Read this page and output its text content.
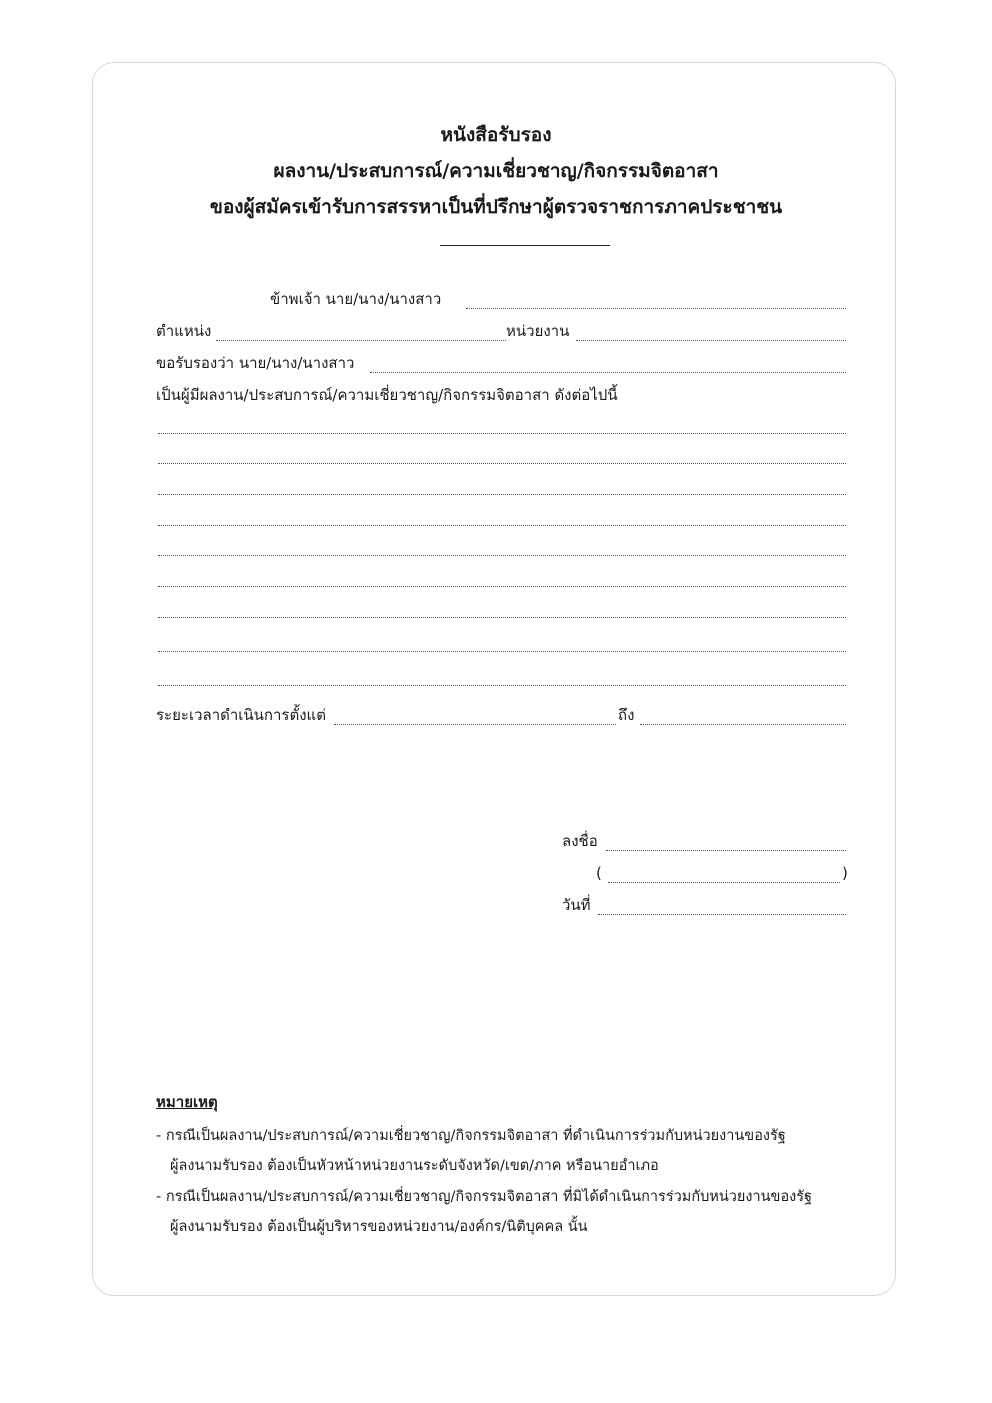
หนังสือรับรอง
ผลงาน/ประสบการณ์/ความเชี่ยวชาญ/กิจกรรมจิตอาสา
ของผู้สมัครเข้ารับการสรรหาเป็นที่ปรึกษาผู้ตรวจราชการภาคประชาชน
ข้าพเจ้า นาย/นาง/นางสาว
ตำแหน่ง	หน่วยงาน
ขอรับรองว่า นาย/นาง/นางสาว
เป็นผู้มีผลงาน/ประสบการณ์/ความเชี่ยวชาญ/กิจกรรมจิตอาสา ดังต่อไปนี้
ระยะเวลาดำเนินการตั้งแต่	ถึง
ลงชื่อ
(	)
วันที่
หมายเหตุ
- กรณีเป็นผลงาน/ประสบการณ์/ความเชี่ยวชาญ/กิจกรรมจิตอาสา ที่ดำเนินการร่วมกับหน่วยงานของรัฐ
ผู้ลงนามรับรอง ต้องเป็นหัวหน้าหน่วยงานระดับจังหวัด/เขต/ภาค หรือนายอำเภอ
- กรณีเป็นผลงาน/ประสบการณ์/ความเชี่ยวชาญ/กิจกรรมจิตอาสา ที่มิได้ดำเนินการร่วมกับหน่วยงานของรัฐ
ผู้ลงนามรับรอง ต้องเป็นผู้บริหารของหน่วยงาน/องค์กร/นิติบุคคล นั้น
